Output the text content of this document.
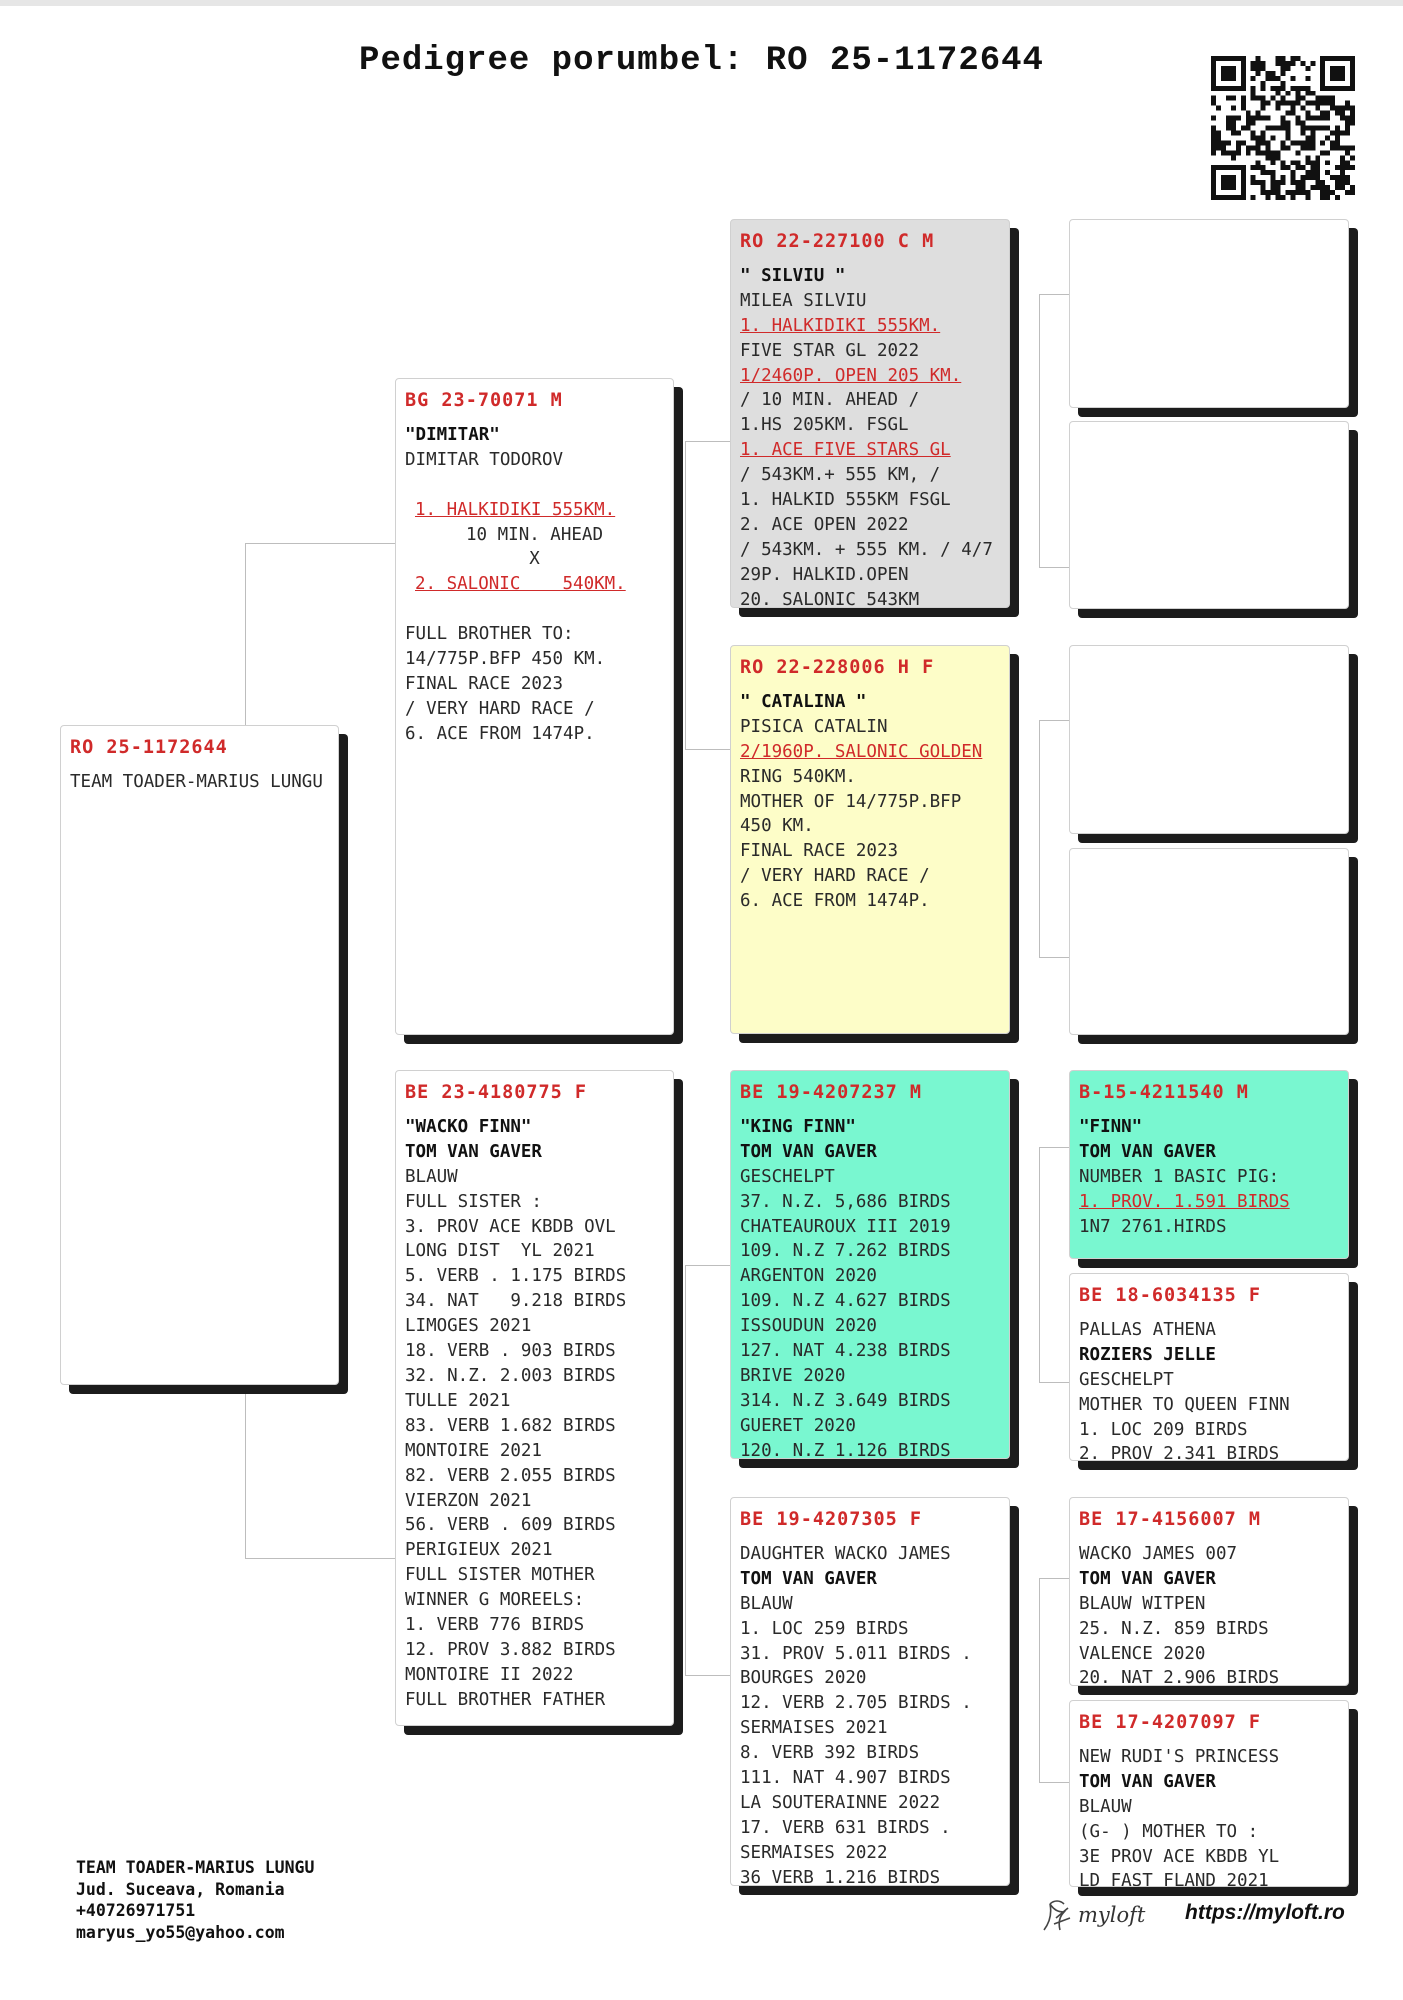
Pedigree porumbel: RO 25-1172644
RO 25-1172644
TEAM TOADER-MARIUS LUNGU
BG 23-70071 M
"DIMITAR"
DIMITAR TODOROV

1. HALKIDIKI 555KM.
10 MIN. AHEAD
X
2. SALONIC    540KM.

FULL BROTHER TO:
14/775P.BFP 450 KM.
FINAL RACE 2023
/ VERY HARD RACE /
6. ACE FROM 1474P.
BE 23-4180775 F
"WACKO FINN"
TOM VAN GAVER
BLAUW
FULL SISTER :
3. PROV ACE KBDB OVL
LONG DIST  YL 2021
5. VERB . 1.175 BIRDS
34. NAT   9.218 BIRDS
LIMOGES 2021
18. VERB . 903 BIRDS
32. N.Z. 2.003 BIRDS
TULLE 2021
83. VERB 1.682 BIRDS
MONTOIRE 2021
82. VERB 2.055 BIRDS
VIERZON 2021
56. VERB . 609 BIRDS
PERIGIEUX 2021
FULL SISTER MOTHER
WINNER G MOREELS:
1. VERB 776 BIRDS
12. PROV 3.882 BIRDS
MONTOIRE II 2022
FULL BROTHER FATHER
RO 22-227100 C M
" SILVIU "
MILEA SILVIU
1. HALKIDIKI 555KM.
FIVE STAR GL 2022
1/2460P. OPEN 205 KM.
/ 10 MIN. AHEAD /
1.HS 205KM. FSGL
1. ACE FIVE STARS GL
/ 543KM.+ 555 KM, /
1. HALKID 555KM FSGL
2. ACE OPEN 2022
/ 543KM. + 555 KM. / 4/7
29P. HALKID.OPEN
20. SALONIC 543KM
RO 22-228006 H F
" CATALINA "
PISICA CATALIN
2/1960P. SALONIC GOLDEN
RING 540KM.
MOTHER OF 14/775P.BFP
450 KM.
FINAL RACE 2023
/ VERY HARD RACE /
6. ACE FROM 1474P.
BE 19-4207237 M
"KING FINN"
TOM VAN GAVER
GESCHELPT
37. N.Z. 5,686 BIRDS
CHATEAUROUX III 2019
109. N.Z 7.262 BIRDS
ARGENTON 2020
109. N.Z 4.627 BIRDS
ISSOUDUN 2020
127. NAT 4.238 BIRDS
BRIVE 2020
314. N.Z 3.649 BIRDS
GUERET 2020
120. N.Z 1.126 BIRDS
BE 19-4207305 F
DAUGHTER WACKO JAMES
TOM VAN GAVER
BLAUW
1. LOC 259 BIRDS
31. PROV 5.011 BIRDS .
BOURGES 2020
12. VERB 2.705 BIRDS .
SERMAISES 2021
8. VERB 392 BIRDS
111. NAT 4.907 BIRDS
LA SOUTERAINNE 2022
17. VERB 631 BIRDS .
SERMAISES 2022
36 VERB 1.216 BIRDS
B-15-4211540 M
"FINN"
TOM VAN GAVER
NUMBER 1 BASIC PIG:
1. PROV. 1.591 BIRDS
1N7 2761.HIRDS
BE 18-6034135 F
PALLAS ATHENA
ROZIERS JELLE
GESCHELPT
MOTHER TO QUEEN FINN
1. LOC 209 BIRDS
2. PROV 2.341 BIRDS
BE 17-4156007 M
WACKO JAMES 007
TOM VAN GAVER
BLAUW WITPEN
25. N.Z. 859 BIRDS
VALENCE 2020
20. NAT 2.906 BIRDS
BE 17-4207097 F
NEW RUDI'S PRINCESS
TOM VAN GAVER
BLAUW
(G- ) MOTHER TO :
3E PROV ACE KBDB YL
LD FAST FLAND 2021
TEAM TOADER-MARIUS LUNGU
Jud. Suceava, Romania
+40726971751
maryus_yo55@yahoo.com
myloft https://myloft.ro
